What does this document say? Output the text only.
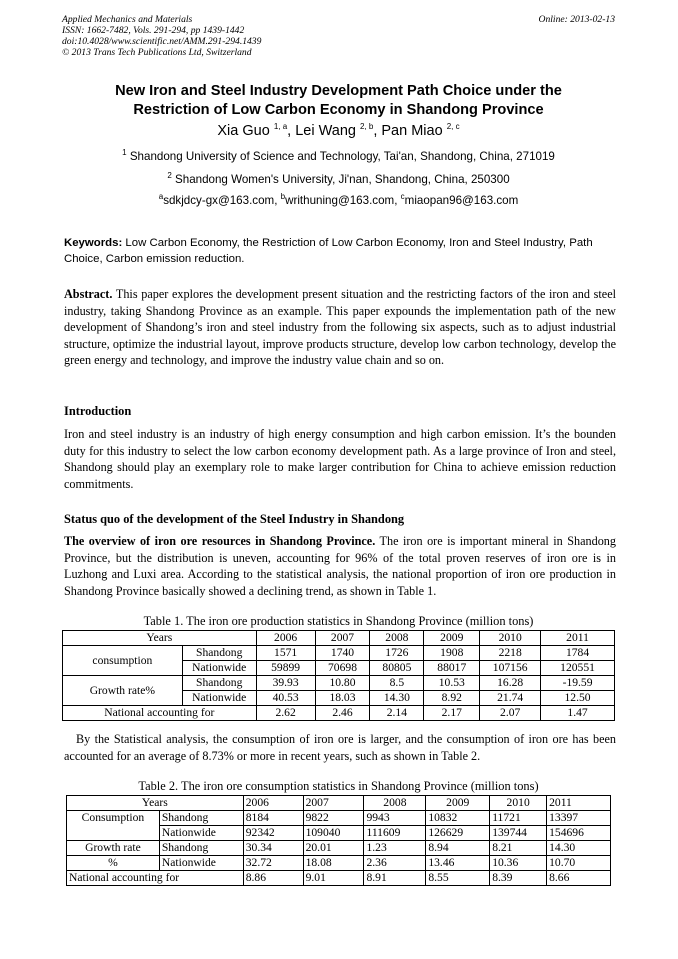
Applied Mechanics and Materials
ISSN: 1662-7482, Vols. 291-294, pp 1439-1442
doi:10.4028/www.scientific.net/AMM.291-294.1439
© 2013 Trans Tech Publications Ltd, Switzerland
Online: 2013-02-13
New Iron and Steel Industry Development Path Choice under the
Restriction of Low Carbon Economy in Shandong Province
Xia Guo $^{1, a}$, Lei Wang $^{2, b}$, Pan Miao $^{2, c}$
$^1$ Shandong University of Science and Technology, Tai'an, Shandong, China, 271019
$^2$ Shandong Women's University, Ji'nan, Shandong, China, 250300
$^a$sdkjdcy-gx@163.com, $^b$writhuning@163.com, $^c$miaopan96@163.com
Keywords: Low Carbon Economy, the Restriction of Low Carbon Economy, Iron and Steel Industry, Path Choice, Carbon emission reduction.
Abstract. This paper explores the development present situation and the restricting factors of the iron and steel industry, taking Shandong Province as an example. This paper expounds the implementation path of the new development of Shandong’s iron and steel industry from the following six aspects, such as to adjust industrial structure, optimize the industrial layout, improve products structure, develop low carbon technology, develop the green energy and technology, and improve the industry value chain and so on.
Introduction
Iron and steel industry is an industry of high energy consumption and high carbon emission. It’s the bounden duty for this industry to select the low carbon economy development path. As a large province of Iron and steel, Shandong should play an exemplary role to make larger contribution for China to achieve emission reduction commitments.
Status quo of the development of the Steel Industry in Shandong
The overview of iron ore resources in Shandong Province. The iron ore is important mineral in Shandong Province, but the distribution is uneven, accounting for 96% of the total proven reserves of iron ore is in Luzhong and Luxi area. According to the statistical analysis, the national proportion of iron ore production in Shandong Province basically showed a declining trend, as shown in Table 1.
Table 1. The iron ore production statistics in Shandong Province (million tons)
Years		2006	2007	2008	2009	2010	2011
consumption	Shandong	1571	1740	1726	1908	2218	1784
	Nationwide	59899	70698	80805	88017	107156	120551
Growth rate%	Shandong	39.93	10.80	8.5	10.53	16.28	-19.59
	Nationwide	40.53	18.03	14.30	8.92	21.74	12.50
National accounting for		2.62	2.46	2.14	2.17	2.07	1.47
By the Statistical analysis, the consumption of iron ore is larger, and the consumption of iron ore has been accounted for an average of 8.73% or more in recent years, such as shown in Table 2.
Table 2. The iron ore consumption statistics in Shandong Province (million tons)
Years		2006	2007	2008	2009	2010	2011
Consumption	Shandong	8184	9822	9943	10832	11721	13397
	Nationwide	92342	109040	111609	126629	139744	154696
Growth rate	Shandong	30.34	20.01	1.23	8.94	8.21	14.30
%	Nationwide	32.72	18.08	2.36	13.46	10.36	10.70
National accounting for		8.86	9.01	8.91	8.55	8.39	8.66
